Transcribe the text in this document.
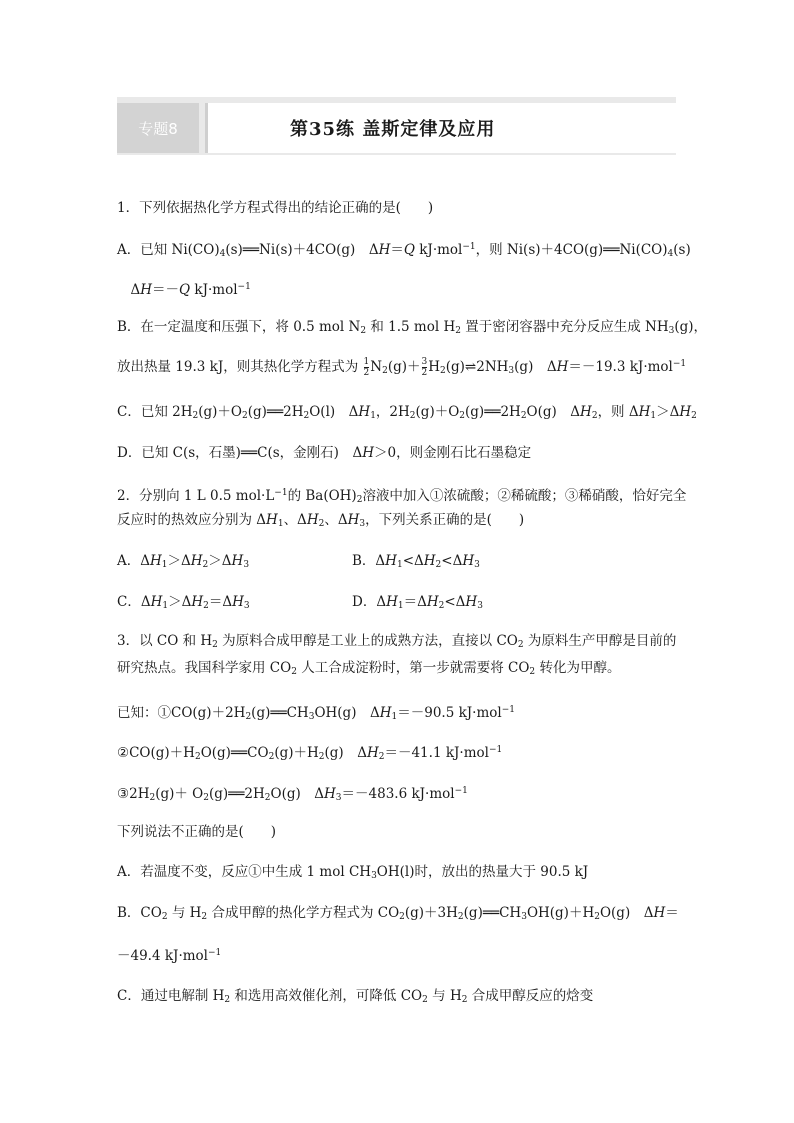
专题8	第35练 盖斯定律及应用
1．下列依据热化学方程式得出的结论正确的是(　　)
A．已知 $Ni(CO)_4(s)══Ni(s)+4CO(g)$　ΔH＝Q kJ·mol$^{-1}$，则 $Ni(s)+4CO(g)══Ni(CO)_4(s)$
　ΔH＝－Q kJ·mol$^{-1}$
B．在一定温度和压强下，将 0.5 mol $N_2$ 和 1.5 mol $H_2$ 置于密闭容器中充分反应生成 $NH_3(g)$，
放出热量 19.3 kJ，则其热化学方程式为 $\frac{1}{2} N_2(g)+ \frac{3}{2}$ $H_2(g)\rightleftharpoons 2NH_3(g)$　ΔH＝－19.3 kJ·mol$^{-1}$
C．已知 $2H_2(g)+O_2(g)══2H_2O(l)$　$\Delta H_1$，$2H_2(g)+O_2(g)══2H_2O(g)$　$\Delta H_2$，则 $\Delta H_1>\Delta H_2$
D．已知 C(s，石墨)══C(s，金刚石)　ΔH＞0，则金刚石比石墨稳定
2．分别向 1 L 0.5 $mol\cdot L^{-1}$的 $Ba(OH)_2$溶液中加入①浓硫酸；②稀硫酸；③稀硝酸，恰好完全
反应时的热效应分别为 $\Delta H_1$、$\Delta H_2$、$\Delta H_3$，下列关系正确的是(　　)
A．$\Delta H_1>\Delta H_2>\Delta H_3$	B．$\Delta H_1<\Delta H_2<\Delta H_3$
C．$\Delta H_1>\Delta H_2=\Delta H_3$	D．$\Delta H_1=\Delta H_2<\Delta H_3$
3．以 CO 和 $H_2$ 为原料合成甲醇是工业上的成熟方法，直接以 $CO_2$ 为原料生产甲醇是目前的
研究热点。我国科学家用 $CO_2$ 人工合成淀粉时，第一步就需要将 $CO_2$ 转化为甲醇。
已知：$①CO(g)+2H_2(g)══CH_3OH(g)$　$\Delta H_1=-90.5$ kJ·mol$^{-1}$
$②CO(g)+H_2O(g)══CO_2(g)+H_2(g)$　$\Delta H_2=-41.1$ kJ·mol$^{-1}$
$③2H_2(g)+$ $O_2(g)══2H_2O(g)$　$\Delta H_3=-483.6$ kJ·mol$^{-1}$
下列说法不正确的是(　　)
A．若温度不变，反应①中生成 1 mol $CH_3OH(l)$时，放出的热量大于 90.5 kJ
B．$CO_2$ 与 $H_2$ 合成甲醇的热化学方程式为 $CO_2(g)+3H_2(g)══CH_3OH(g)+H_2O(g)$　ΔH＝
－49.4 kJ·mol$^{-1}$
C．通过电解制 $H_2$ 和选用高效催化剂，可降低 $CO_2$ 与 $H_2$ 合成甲醇反应的焓变
